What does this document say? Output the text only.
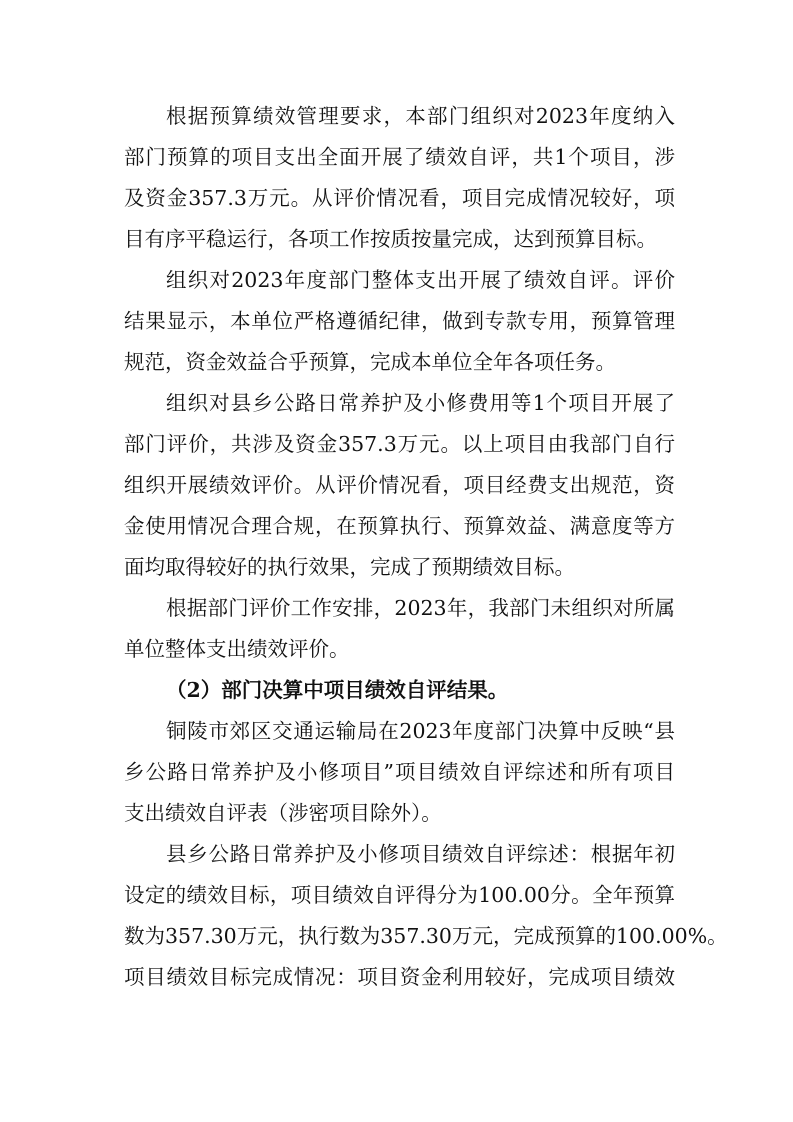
根据预算绩效管理要求，本部门组织对2023年度纳入
部门预算的项目支出全面开展了绩效自评，共1个项目，涉
及资金357.3万元。从评价情况看，项目完成情况较好，项
目有序平稳运行，各项工作按质按量完成，达到预算目标。
组织对2023年度部门整体支出开展了绩效自评。评价
结果显示，本单位严格遵循纪律，做到专款专用，预算管理
规范，资金效益合乎预算，完成本单位全年各项任务。
组织对县乡公路日常养护及小修费用等1个项目开展了
部门评价，共涉及资金357.3万元。以上项目由我部门自行
组织开展绩效评价。从评价情况看，项目经费支出规范，资
金使用情况合理合规，在预算执行、预算效益、满意度等方
面均取得较好的执行效果，完成了预期绩效目标。
根据部门评价工作安排，2023年，我部门未组织对所属
单位整体支出绩效评价。
（2）部门决算中项目绩效自评结果。
铜陵市郊区交通运输局在2023年度部门决算中反映“县
乡公路日常养护及小修项目”项目绩效自评综述和所有项目
支出绩效自评表（涉密项目除外）。
县乡公路日常养护及小修项目绩效自评综述：根据年初
设定的绩效目标，项目绩效自评得分为100.00分。全年预算
数为357.30万元，执行数为357.30万元，完成预算的100.00%。
项目绩效目标完成情况：项目资金利用较好，完成项目绩效
